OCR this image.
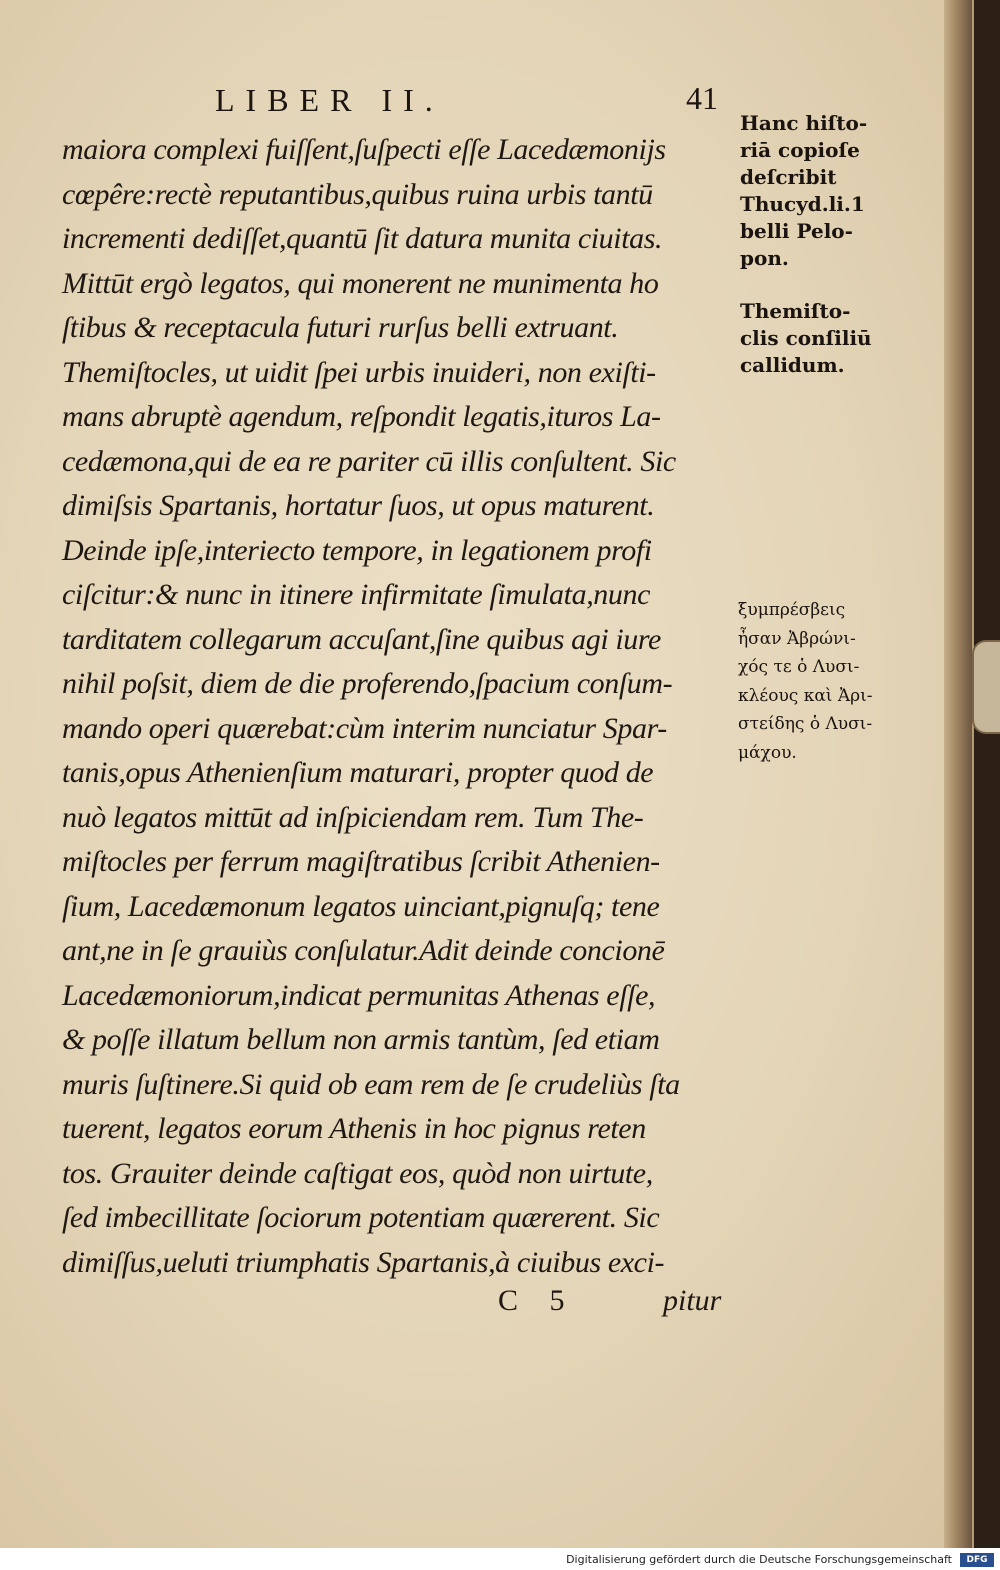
LIBER II.	41
maiora complexi fuiſſent,ſuſpecti eſſe Lacedæmonijs
cœpêre:rectè reputantibus,quibus ruina urbis tantū
incrementi dediſſet,quantū ſit datura munita ciuitas.
Mittūt ergò legatos, qui monerent ne munimenta ho
ſtibus & receptacula futuri rurſus belli extruant.
Themiſtocles, ut uidit ſpei urbis inuideri, non exiſti-
mans abruptè agendum, reſpondit legatis,ituros La-
cedæmona,qui de ea re pariter cū illis conſultent. Sic
dimiſsis Spartanis, hortatur ſuos, ut opus maturent.
Deinde ipſe,interiecto tempore, in legationem profi
ciſcitur:& nunc in itinere infirmitate ſimulata,nunc
tarditatem collegarum accuſant,ſine quibus agi iure
nihil poſsit, diem de die proferendo,ſpacium conſum-
mando operi quærebat:cùm interim nunciatur Spar-
tanis,opus Athenienſium maturari, propter quod de
nuò legatos mittūt ad inſpiciendam rem. Tum The-
miſtocles per ferrum magiſtratibus ſcribit Athenien-
ſium, Lacedæmonum legatos uinciant,pignuſq; tene
ant,ne in ſe grauiùs conſulatur.Adit deinde concionē
Lacedæmoniorum,indicat permunitas Athenas eſſe,
& poſſe illatum bellum non armis tantùm, ſed etiam
muris ſuſtinere.Si quid ob eam rem de ſe crudeliùs ſta
tuerent, legatos eorum Athenis in hoc pignus reten
tos. Grauiter deinde caſtigat eos, quòd non uirtute,
ſed imbecillitate ſociorum potentiam quærerent. Sic
dimiſſus,ueluti triumphatis Spartanis,à ciuibus exci-
C 5	pitur
Hanc hiſto-
riā copioſe
deſcribit
Thucyd.li.1
belli Pelo-
pon.
Themiſto-
clis conſiliū
callidum.
ξυμπρέσβεις
ἦσαν Ἀβρώνι-
χός τε ὁ Λυσι-
κλέους καὶ Ἀρι-
στείδης ὁ Λυσι-
μάχου.
Digitalisierung gefördert durch die Deutsche Forschungsgemeinschaft	DFG
